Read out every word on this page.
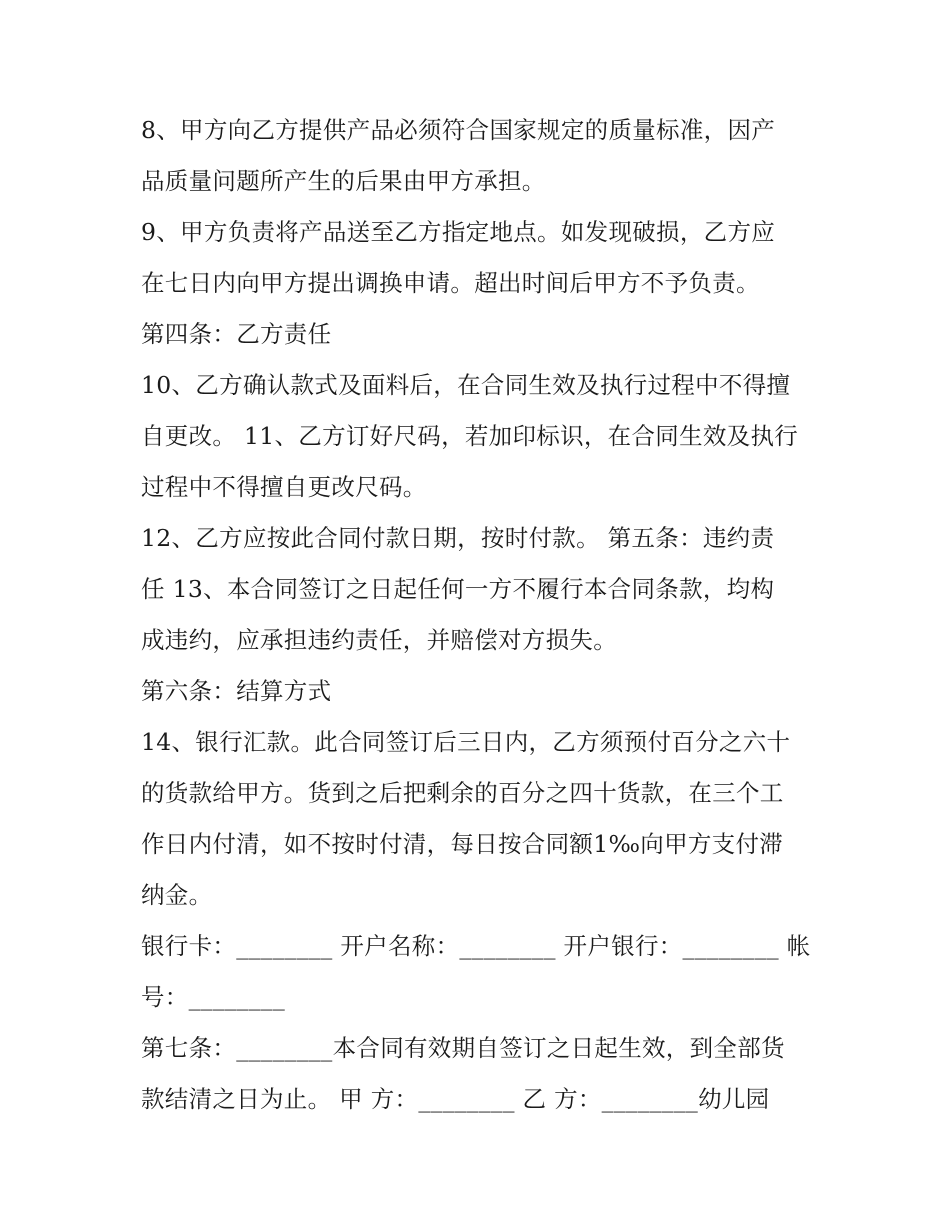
8、甲方向乙方提供产品必须符合国家规定的质量标准，因产
品质量问题所产生的后果由甲方承担。
9、甲方负责将产品送至乙方指定地点。如发现破损，乙方应
在七日内向甲方提出调换申请。超出时间后甲方不予负责。
第四条：乙方责任
10、乙方确认款式及面料后，在合同生效及执行过程中不得擅
自更改。 11、乙方订好尺码，若加印标识，在合同生效及执行
过程中不得擅自更改尺码。
12、乙方应按此合同付款日期，按时付款。 第五条：违约责
任 13、本合同签订之日起任何一方不履行本合同条款，均构
成违约，应承担违约责任，并赔偿对方损失。
第六条：结算方式
14、银行汇款。此合同签订后三日内，乙方须预付百分之六十
的货款给甲方。货到之后把剩余的百分之四十货款，在三个工
作日内付清，如不按时付清，每日按合同额1‰向甲方支付滞
纳金。
银行卡：________ 开户名称：________ 开户银行：________ 帐
号：________
第七条：________本合同有效期自签订之日起生效，到全部货
款结清之日为止。 甲 方：________ 乙 方：________幼儿园
